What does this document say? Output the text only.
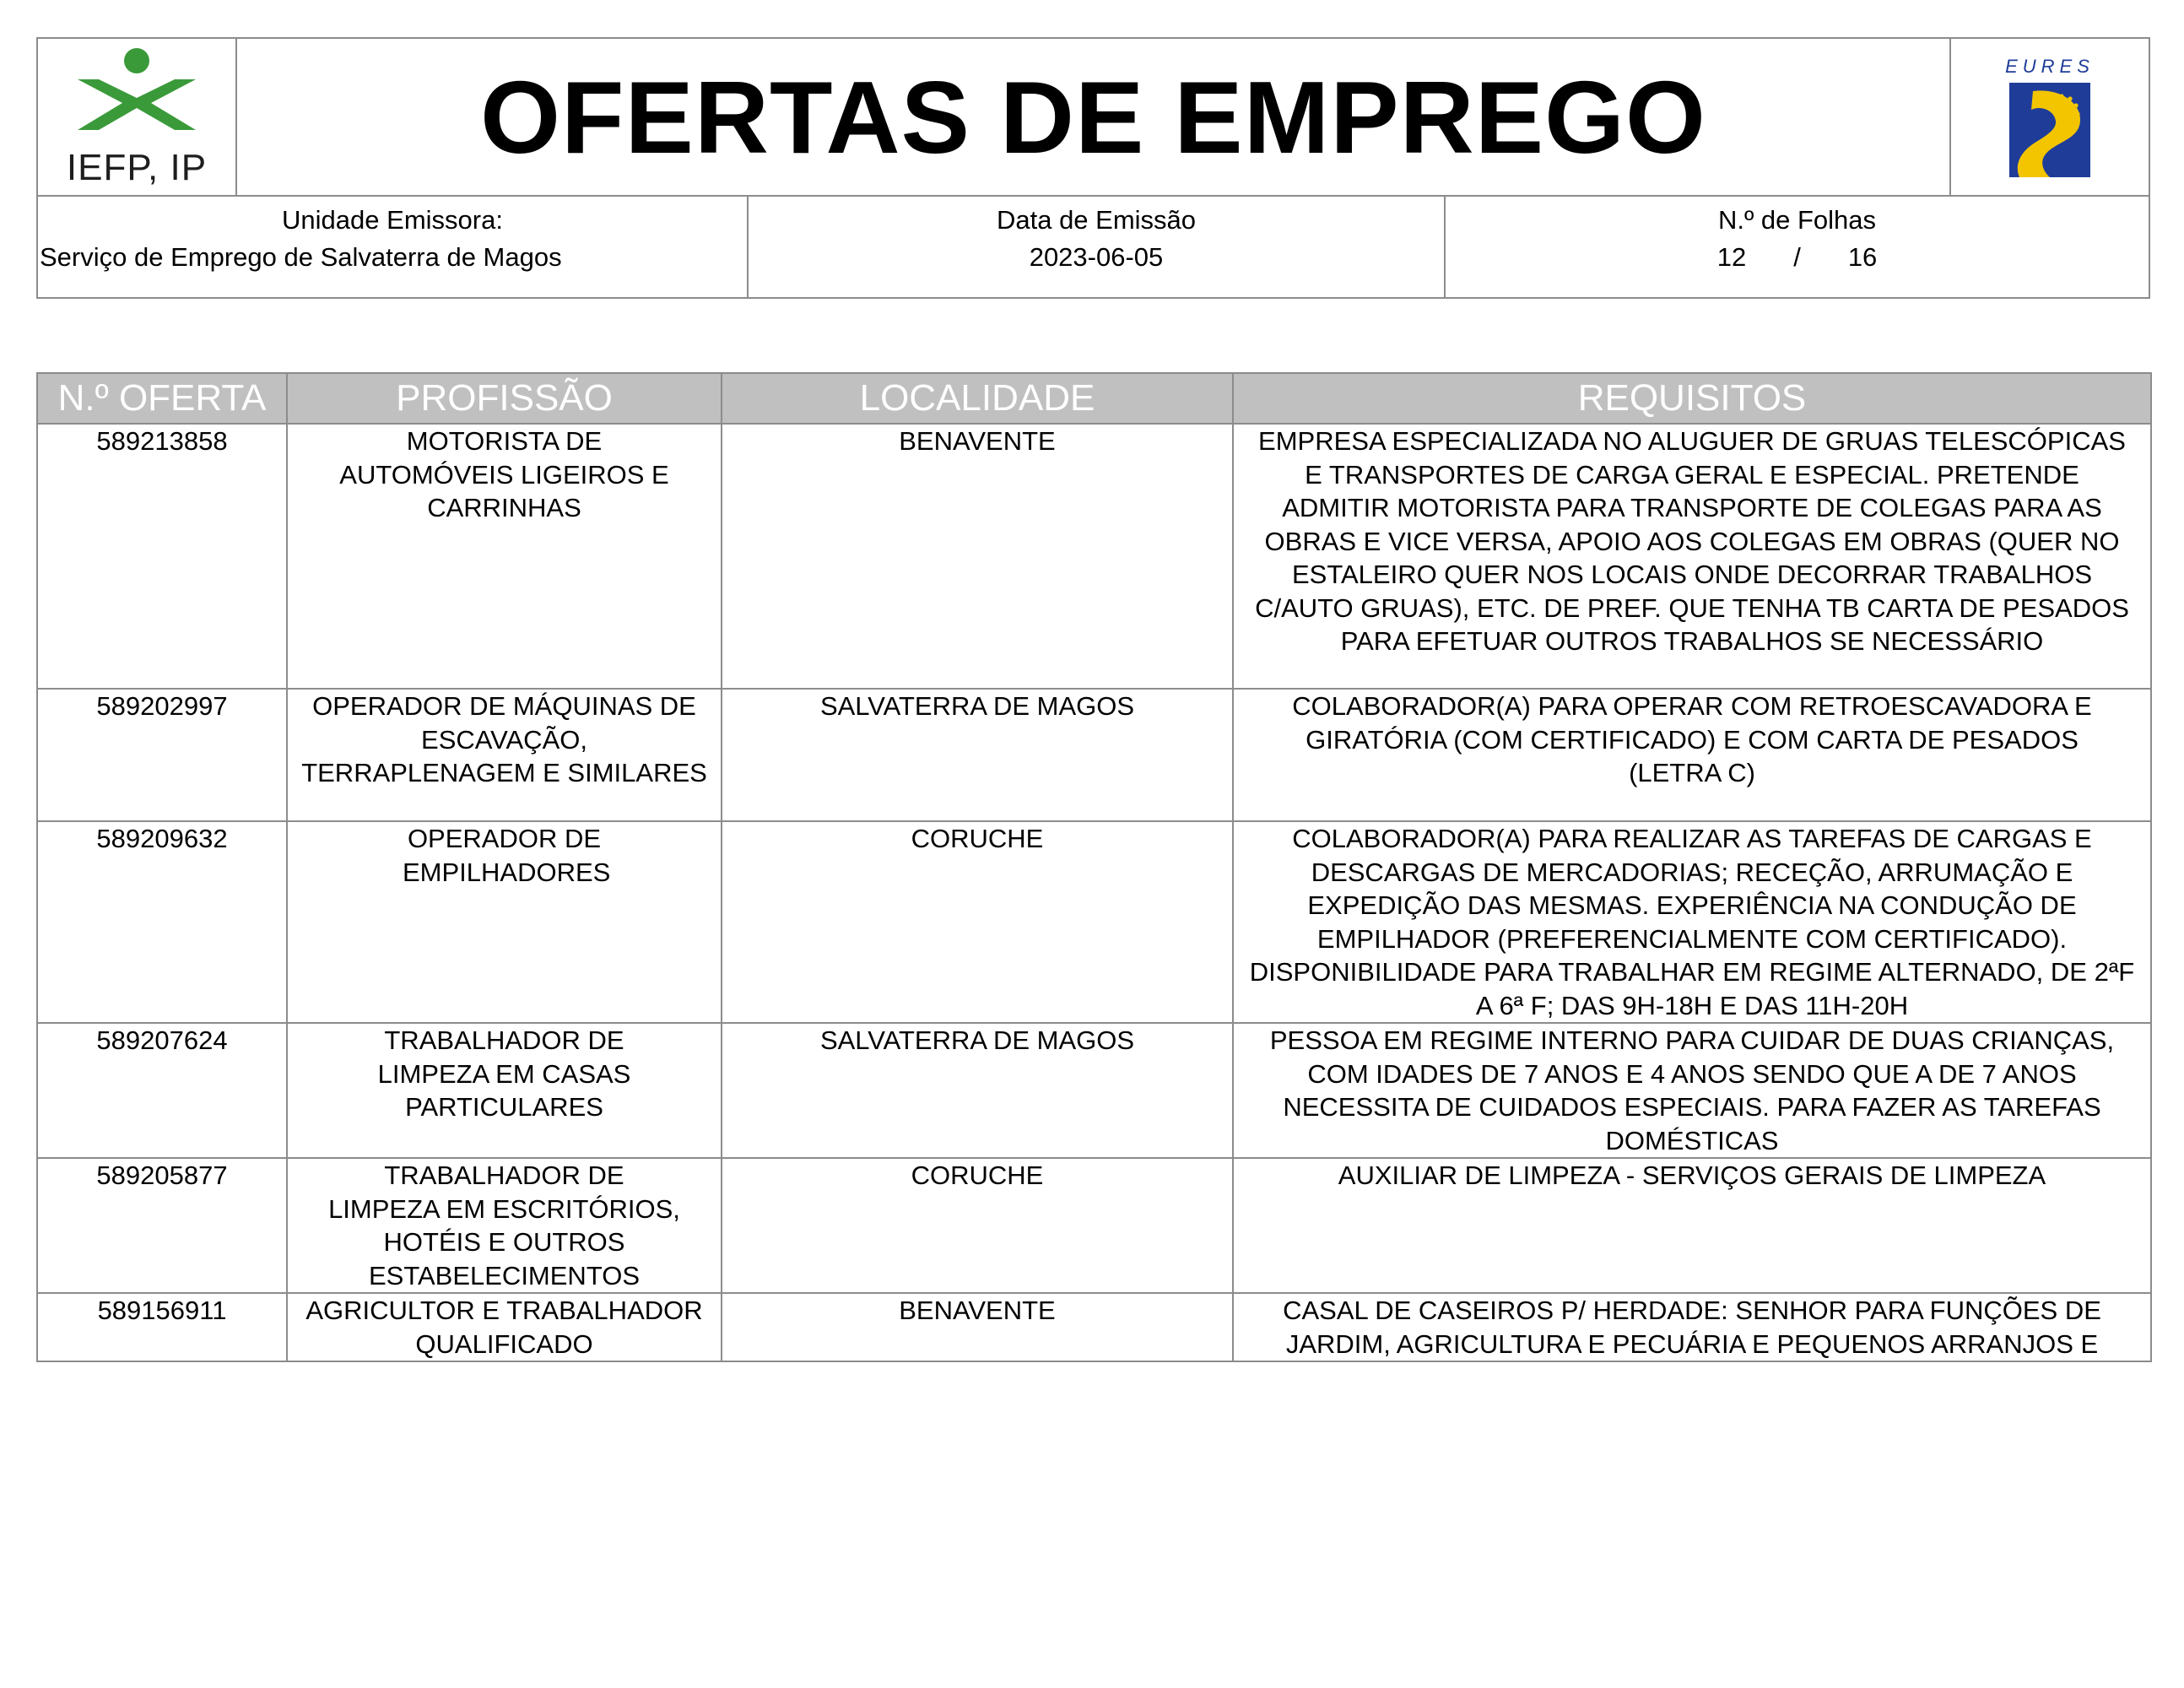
IEFP, IP	OFERTAS DE EMPREGO	EURES
Unidade Emissora:
Serviço de Emprego de Salvaterra de Magos
Data de Emissão
2023-06-05
N.º de Folhas
12 / 16
N.º OFERTA	PROFISSÃO	LOCALIDADE	REQUISITOS
589213858	MOTORISTA DE AUTOMÓVEIS LIGEIROS E CARRINHAS	BENAVENTE	EMPRESA ESPECIALIZADA NO ALUGUER DE GRUAS TELESCÓPICAS E TRANSPORTES DE CARGA GERAL E ESPECIAL. PRETENDE ADMITIR MOTORISTA PARA TRANSPORTE DE COLEGAS PARA AS OBRAS E VICE VERSA, APOIO AOS COLEGAS EM OBRAS (QUER NO ESTALEIRO QUER NOS LOCAIS ONDE DECORRAR TRABALHOS C/AUTO GRUAS), ETC. DE PREF. QUE TENHA TB CARTA DE PESADOS PARA EFETUAR OUTROS TRABALHOS SE NECESSÁRIO

589202997	OPERADOR DE MÁQUINAS DE ESCAVAÇÃO, TERRAPLENAGEM E SIMILARES	SALVATERRA DE MAGOS	COLABORADOR(A) PARA OPERAR COM RETROESCAVADORA E GIRATÓRIA (COM CERTIFICADO) E COM CARTA DE PESADOS (LETRA C)

589209632	OPERADOR DE EMPILHADORES	CORUCHE	COLABORADOR(A) PARA REALIZAR AS TAREFAS DE CARGAS E DESCARGAS DE MERCADORIAS; RECEÇÃO, ARRUMAÇÃO E EXPEDIÇÃO DAS MESMAS. EXPERIÊNCIA NA CONDUÇÃO DE EMPILHADOR (PREFERENCIALMENTE COM CERTIFICADO). DISPONIBILIDADE PARA TRABALHAR EM REGIME ALTERNADO, DE 2ªF A 6ª F; DAS 9H-18H E DAS 11H-20H

589207624	TRABALHADOR DE LIMPEZA EM CASAS PARTICULARES	SALVATERRA DE MAGOS	PESSOA EM REGIME INTERNO PARA CUIDAR DE DUAS CRIANÇAS, COM IDADES DE 7 ANOS E 4 ANOS SENDO QUE A DE 7 ANOS NECESSITA DE CUIDADOS ESPECIAIS. PARA FAZER AS TAREFAS DOMÉSTICAS

589205877	TRABALHADOR DE LIMPEZA EM ESCRITÓRIOS, HOTÉIS E OUTROS ESTABELECIMENTOS	CORUCHE	AUXILIAR DE LIMPEZA - SERVIÇOS GERAIS DE LIMPEZA
589156911	AGRICULTOR E TRABALHADOR QUALIFICADO	BENAVENTE	CASAL DE CASEIROS P/ HERDADE: SENHOR PARA FUNÇÕES DE JARDIM, AGRICULTURA E PECUÁRIA E PEQUENOS ARRANJOS E
